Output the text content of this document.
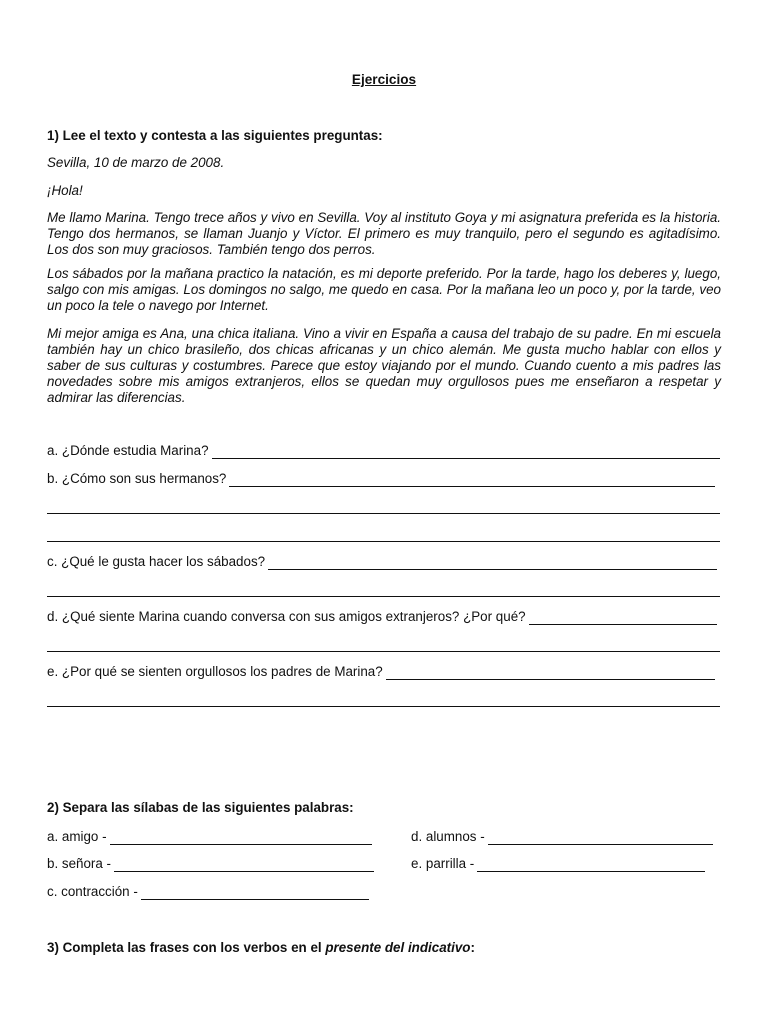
Ejercicios
1) Lee el texto y contesta a las siguientes preguntas:

Sevilla, 10 de marzo de 2008.

¡Hola!

Me llamo Marina. Tengo trece años y vivo en Sevilla. Voy al instituto Goya y mi asignatura preferida es la historia. Tengo dos hermanos, se llaman Juanjo y Víctor. El primero es muy tranquilo, pero el segundo es agitadísimo. Los dos son muy graciosos. También tengo dos perros.

Los sábados por la mañana practico la natación, es mi deporte preferido. Por la tarde, hago los deberes y, luego, salgo con mis amigas. Los domingos no salgo, me quedo en casa. Por la mañana leo un poco y, por la tarde, veo un poco la tele o navego por Internet.

Mi mejor amiga es Ana, una chica italiana. Vino a vivir en España a causa del trabajo de su padre. En mi escuela también hay un chico brasileño, dos chicas africanas y un chico alemán. Me gusta mucho hablar con ellos y saber de sus culturas y costumbres. Parece que estoy viajando por el mundo. Cuando cuento a mis padres las novedades sobre mis amigos extranjeros, ellos se quedan muy orgullosos pues me enseñaron a respetar y admirar las diferencias.

a. ¿Dónde estudia Marina?
b. ¿Cómo son sus hermanos?
c. ¿Qué le gusta hacer los sábados?
d. ¿Qué siente Marina cuando conversa con sus amigos extranjeros? ¿Por qué?
e. ¿Por qué se sienten orgullosos los padres de Marina?
2) Separa las sílabas de las siguientes palabras:
a. amigo -	d. alumnos -
b. señora -	e. parrilla -
c. contracción -
3) Completa las frases con los verbos en el presente del indicativo:
